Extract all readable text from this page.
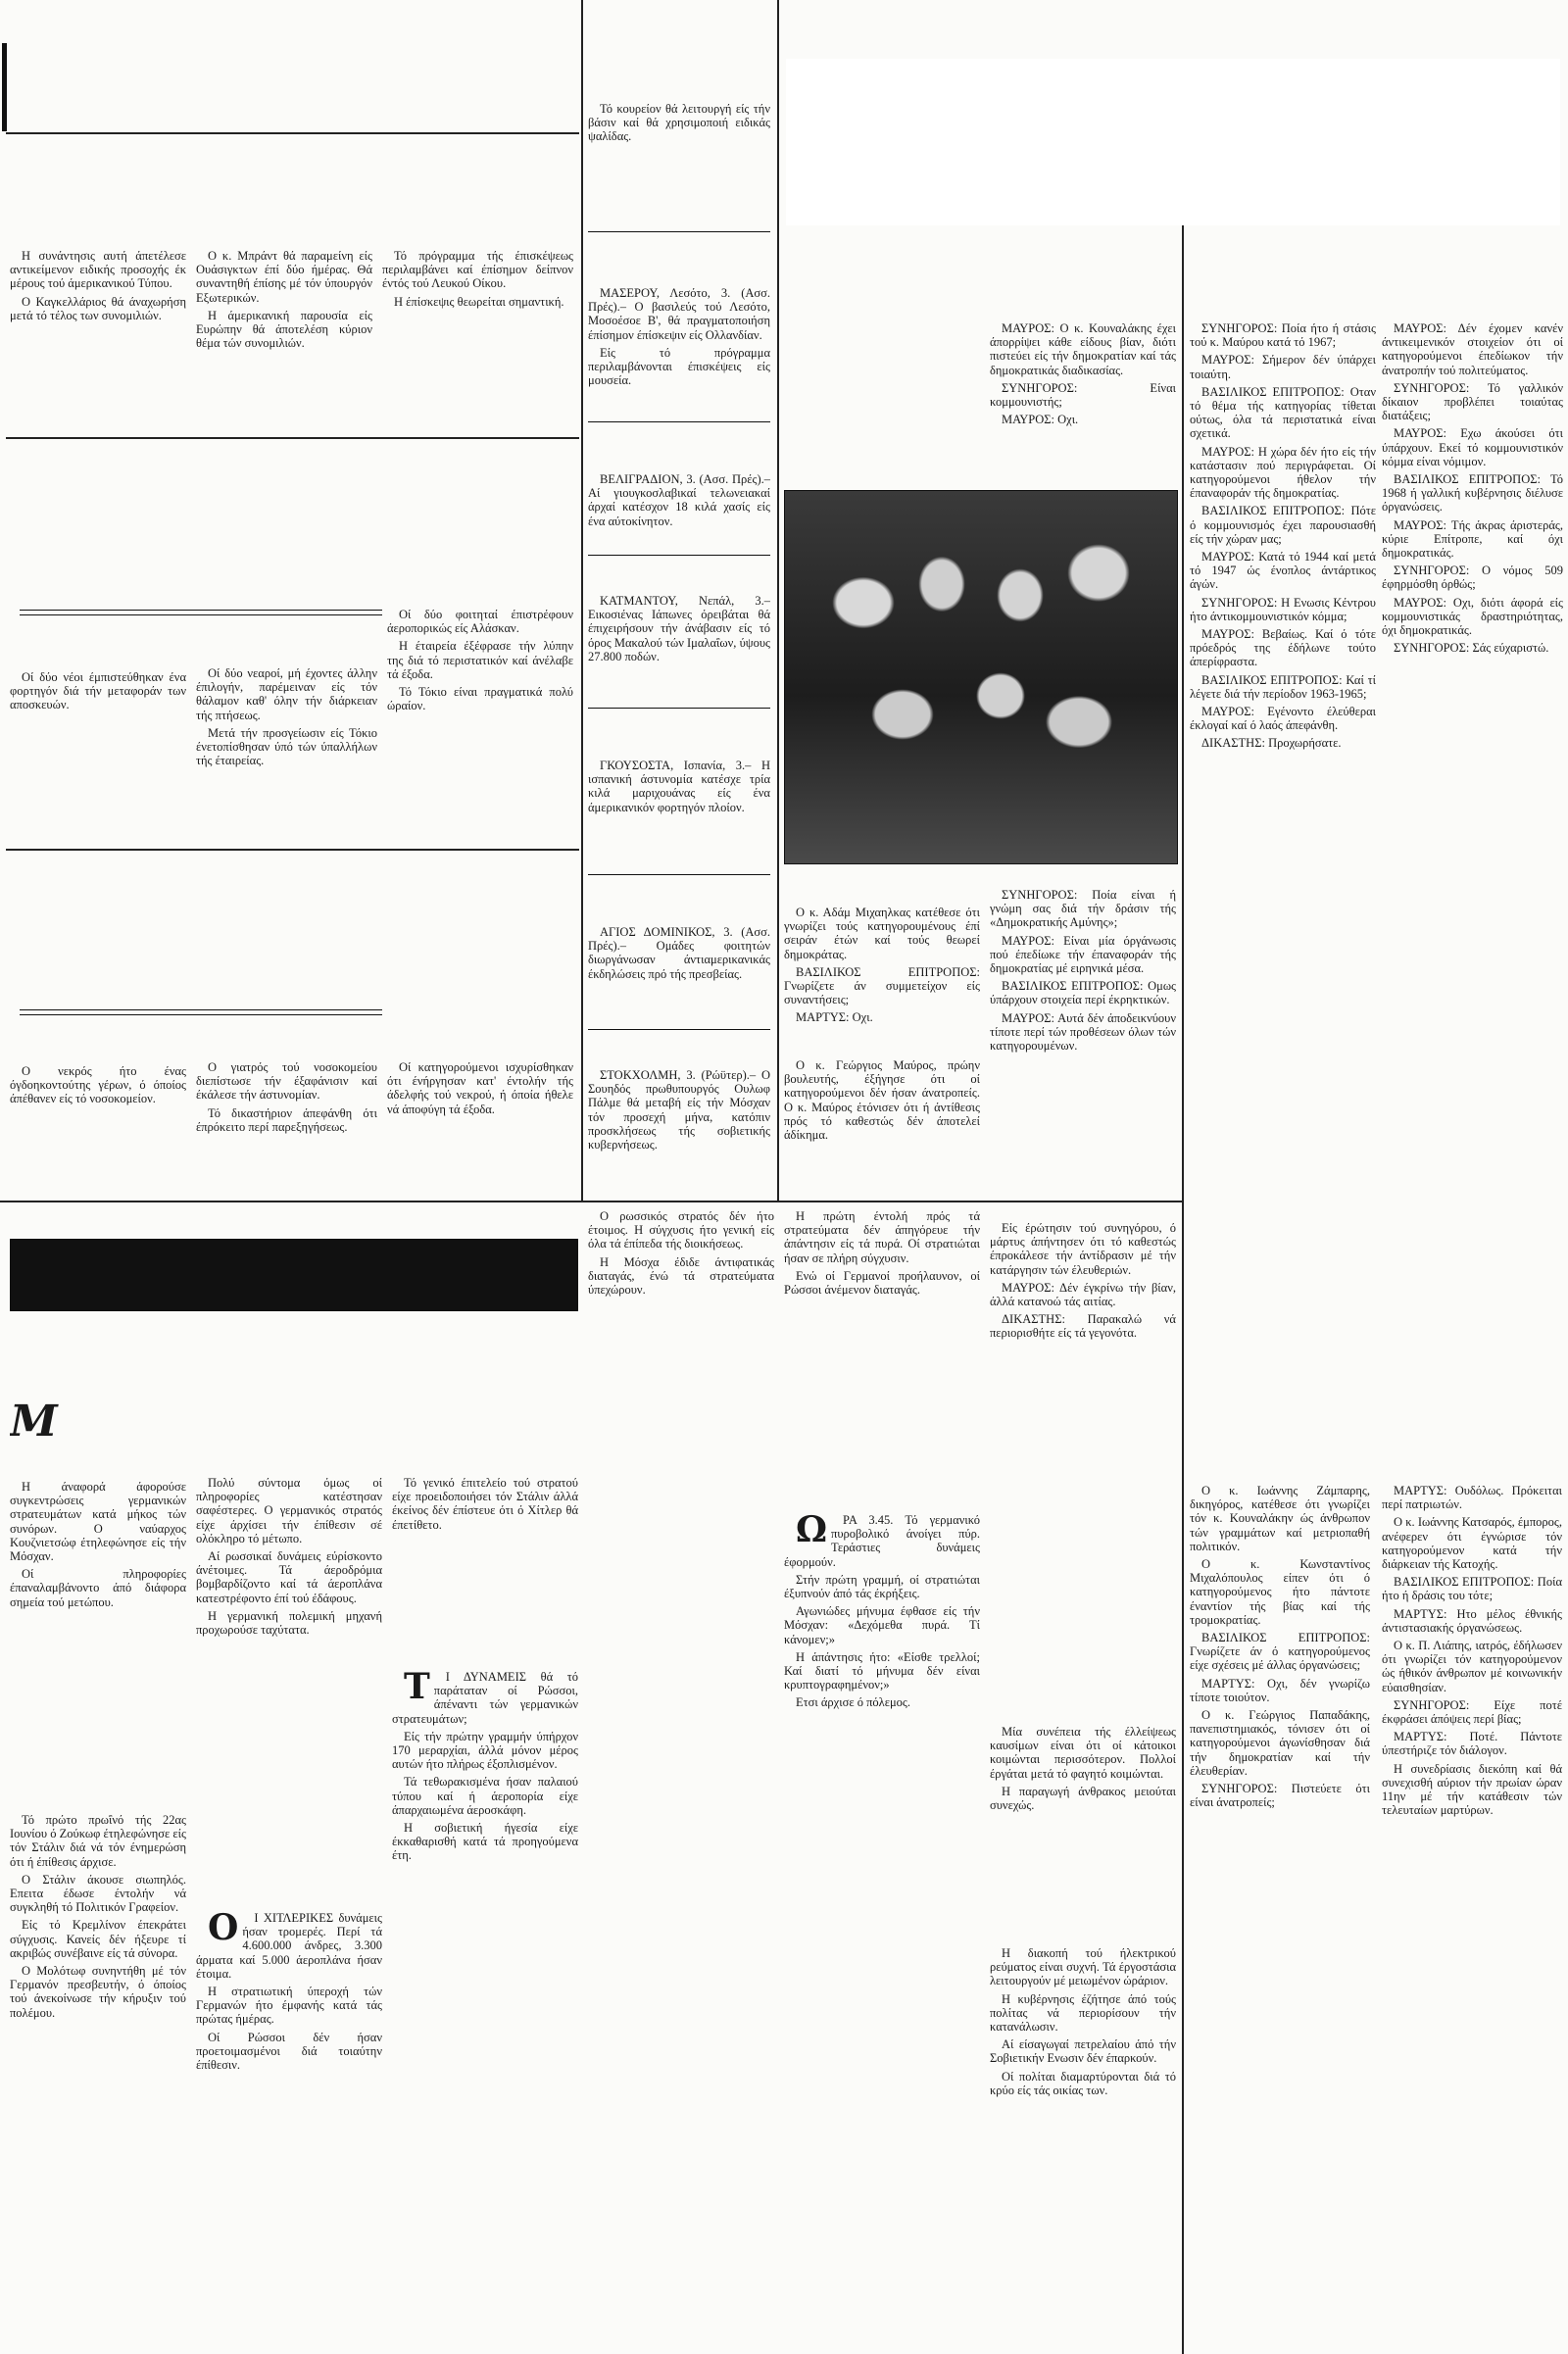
Η συνάντησις αυτή άπετέλεσε αντικείμενον ειδικής προσοχής έκ μέρους τού άμερικανικού Τύπου.

Ο Καγκελλάριος θά άναχωρήση μετά τό τέλος των συνομιλιών.

Ο κ. Μπράντ θά παραμείνη είς Ουάσιγκτων έπί δύο ήμέρας. Θά συναντηθή έπίσης μέ τόν ύπουργόν Εξωτερικών.

Η άμερικανική παρουσία είς Ευρώπην θά άποτελέση κύριον θέμα τών συνομιλιών.

Τό πρόγραμμα τής έπισκέψεως περιλαμβάνει καί έπίσημον δείπνον έντός τού Λευκού Οίκου.

Η έπίσκεψις θεωρείται σημαντική.

Οί δύο νέοι έμπιστεύθηκαν ένα φορτηγόν διά τήν μεταφοράν των αποσκευών.

Οί δύο νεαροί, μή έχοντες άλλην έπιλογήν, παρέμειναν είς τόν θάλαμον καθ' όλην τήν διάρκειαν τής πτήσεως.

Μετά τήν προσγείωσιν είς Τόκιο ένετοπίσθησαν ύπό τών ύπαλλήλων τής έταιρείας.

Οί δύο φοιτηταί έπιστρέφουν άεροπορικώς είς Αλάσκαν.

Η έταιρεία έξέφρασε τήν λύπην της διά τό περιστατικόν καί άνέλαβε τά έξοδα.

Τό Τόκιο είναι πραγματικά πολύ ώραίον.

Ο νεκρός ήτο ένας όγδοηκοντούτης γέρων, ό όποίος άπέθανεν είς τό νοσοκομείον.

Ο γιατρός τού νοσοκομείου διεπίστωσε τήν έξαφάνισιν καί έκάλεσε τήν άστυνομίαν.

Τό δικαστήριον άπεφάνθη ότι έπρόκειτο περί παρεξηγήσεως.

Οί κατηγορούμενοι ισχυρίσθηκαν ότι ένήργησαν κατ' έντολήν τής άδελφής τού νεκρού, ή όποία ήθελε νά άποφύγη τά έξοδα.

Τό κουρείον θά λειτουργή είς τήν βάσιν καί θά χρησιμοποιή ειδικάς ψαλίδας.

ΜΑΣΕΡΟΥ, Λεσότο, 3. (Ασσ. Πρές).– Ο βασιλεύς τού Λεσότο, Μοσοέσοε Β', θά πραγματοποιήση έπίσημον έπίσκεψιν είς Ολλανδίαν.

Είς τό πρόγραμμα περιλαμβάνονται έπισκέψεις είς μουσεία.

ΒΕΛΙΓΡΑΔΙΟΝ, 3. (Ασσ. Πρές).– Αί γιουγκοσλαβικαί τελωνειακαί άρχαί κατέσχον 18 κιλά χασίς είς ένα αύτοκίνητον.

ΚΑΤΜΑΝΤΟΥ, Νεπάλ, 3.– Εικοσιένας Ιάπωνες όρειβάται θά έπιχειρήσουν τήν άνάβασιν είς τό όρος Μακαλού τών Ιμαλαΐων, ύψους 27.800 ποδών.

ΓΚΟΥΣΟΣΤΑ, Ισπανία, 3.– Η ισπανική άστυνομία κατέσχε τρία κιλά μαριχουάνας είς ένα άμερικανικόν φορτηγόν πλοίον.

ΑΓΙΟΣ ΔΟΜΙΝΙΚΟΣ, 3. (Ασσ. Πρές).– Ομάδες φοιτητών διωργάνωσαν άντιαμερικανικάς έκδηλώσεις πρό τής πρεσβείας.

ΣΤΟΚΧΟΛΜΗ, 3. (Ρώϋτερ).– Ο Σουηδός πρωθυπουργός Ουλωφ Πάλμε θά μεταβή είς τήν Μόσχαν τόν προσεχή μήνα, κατόπιν προσκλήσεως τής σοβιετικής κυβερνήσεως.

ΜΑΥΡΟΣ: Ο κ. Κουναλάκης έχει άπορρίψει κάθε είδους βίαν, διότι πιστεύει είς τήν δημοκρατίαν καί τάς δημοκρατικάς διαδικασίας.

ΣΥΝΗΓΟΡΟΣ: Είναι κομμουνιστής;

ΜΑΥΡΟΣ: Οχι.

ΣΥΝΗΓΟΡΟΣ: Ποία ήτο ή στάσις τού κ. Μαύρου κατά τό 1967;

ΜΑΥΡΟΣ: Σήμερον δέν ύπάρχει τοιαύτη.

ΒΑΣΙΛΙΚΟΣ ΕΠΙΤΡΟΠΟΣ: Οταν τό θέμα τής κατηγορίας τίθεται ούτως, όλα τά περιστατικά είναι σχετικά.

ΜΑΥΡΟΣ: Η χώρα δέν ήτο είς τήν κατάστασιν πού περιγράφεται. Οί κατηγορούμενοι ήθελον τήν έπαναφοράν τής δημοκρατίας.

ΒΑΣΙΛΙΚΟΣ ΕΠΙΤΡΟΠΟΣ: Πότε ό κομμουνισμός έχει παρουσιασθή είς τήν χώραν μας;

ΜΑΥΡΟΣ: Κατά τό 1944 καί μετά τό 1947 ώς ένοπλος άντάρτικος άγών.

ΣΥΝΗΓΟΡΟΣ: Η Ενωσις Κέντρου ήτο άντικομμουνιστικόν κόμμα;

ΜΑΥΡΟΣ: Βεβαίως. Καί ό τότε πρόεδρός της έδήλωνε τούτο άπερίφραστα.

ΒΑΣΙΛΙΚΟΣ ΕΠΙΤΡΟΠΟΣ: Καί τί λέγετε διά τήν περίοδον 1963-1965;

ΜΑΥΡΟΣ: Εγένοντο έλεύθεραι έκλογαί καί ό λαός άπεφάνθη.

ΔΙΚΑΣΤΗΣ: Προχωρήσατε.

ΜΑΥΡΟΣ: Δέν έχομεν κανέν άντικειμενικόν στοιχείον ότι οί κατηγορούμενοι έπεδίωκον τήν άνατροπήν τού πολιτεύματος.

ΣΥΝΗΓΟΡΟΣ: Τό γαλλικόν δίκαιον προβλέπει τοιαύτας διατάξεις;

ΜΑΥΡΟΣ: Εχω άκούσει ότι ύπάρχουν. Εκεί τό κομμουνιστικόν κόμμα είναι νόμιμον.

ΒΑΣΙΛΙΚΟΣ ΕΠΙΤΡΟΠΟΣ: Τό 1968 ή γαλλική κυβέρνησις διέλυσε όργανώσεις.

ΜΑΥΡΟΣ: Τής άκρας άριστεράς, κύριε Επίτροπε, καί όχι δημοκρατικάς.

ΣΥΝΗΓΟΡΟΣ: Ο νόμος 509 έφηρμόσθη όρθώς;

ΜΑΥΡΟΣ: Οχι, διότι άφορά είς κομμουνιστικάς δραστηριότητας, όχι δημοκρατικάς.

ΣΥΝΗΓΟΡΟΣ: Σάς εύχαριστώ.

Ο κ. Αδάμ Μιχαηλκας κατέθεσε ότι γνωρίζει τούς κατηγορουμένους έπί σειράν έτών καί τούς θεωρεί δημοκράτας.

ΒΑΣΙΛΙΚΟΣ ΕΠΙΤΡΟΠΟΣ: Γνωρίζετε άν συμμετείχον είς συναντήσεις;

ΜΑΡΤΥΣ: Οχι.

Ο κ. Γεώργιος Μαύρος, πρώην βουλευτής, έξήγησε ότι οί κατηγορούμενοι δέν ήσαν άνατροπείς. Ο κ. Μαύρος έτόνισεν ότι ή άντίθεσις πρός τό καθεστώς δέν άποτελεί άδίκημα.

ΣΥΝΗΓΟΡΟΣ: Ποία είναι ή γνώμη σας διά τήν δράσιν τής «Δημοκρατικής Αμύνης»;

ΜΑΥΡΟΣ: Είναι μία όργάνωσις πού έπεδίωκε τήν έπαναφοράν τής δημοκρατίας μέ ειρηνικά μέσα.

ΒΑΣΙΛΙΚΟΣ ΕΠΙΤΡΟΠΟΣ: Ομως ύπάρχουν στοιχεία περί έκρηκτικών.

ΜΑΥΡΟΣ: Αυτά δέν άποδεικνύουν τίποτε περί τών προθέσεων όλων τών κατηγορουμένων.

Είς έρώτησιν τού συνηγόρου, ό μάρτυς άπήντησεν ότι τό καθεστώς έπροκάλεσε τήν άντίδρασιν μέ τήν κατάργησιν τών έλευθεριών.

ΜΑΥΡΟΣ: Δέν έγκρίνω τήν βίαν, άλλά κατανοώ τάς αιτίας.

ΔΙΚΑΣΤΗΣ: Παρακαλώ νά περιορισθήτε είς τά γεγονότα.

Ο κ. Ιωάννης Ζάμπαρης, δικηγόρος, κατέθεσε ότι γνωρίζει τόν κ. Κουναλάκην ώς άνθρωπον τών γραμμάτων καί μετριοπαθή πολιτικόν.

Ο κ. Κωνσταντίνος Μιχαλόπουλος είπεν ότι ό κατηγορούμενος ήτο πάντοτε έναντίον τής βίας καί τής τρομοκρατίας.

ΒΑΣΙΛΙΚΟΣ ΕΠΙΤΡΟΠΟΣ: Γνωρίζετε άν ό κατηγορούμενος είχε σχέσεις μέ άλλας όργανώσεις;

ΜΑΡΤΥΣ: Οχι, δέν γνωρίζω τίποτε τοιούτον.

Ο κ. Γεώργιος Παπαδάκης, πανεπιστημιακός, τόνισεν ότι οί κατηγορούμενοι άγωνίσθησαν διά τήν δημοκρατίαν καί τήν έλευθερίαν.

ΣΥΝΗΓΟΡΟΣ: Πιστεύετε ότι είναι άνατροπείς;

ΜΑΡΤΥΣ: Ουδόλως. Πρόκειται περί πατριωτών.

Ο κ. Ιωάννης Κατσαρός, έμπορος, ανέφερεν ότι έγνώρισε τόν κατηγορούμενον κατά τήν διάρκειαν τής Κατοχής.

ΒΑΣΙΛΙΚΟΣ ΕΠΙΤΡΟΠΟΣ: Ποία ήτο ή δράσις του τότε;

ΜΑΡΤΥΣ: Ητο μέλος έθνικής άντιστασιακής όργανώσεως.

Ο κ. Π. Λιάπης, ιατρός, έδήλωσεν ότι γνωρίζει τόν κατηγορούμενον ώς ήθικόν άνθρωπον μέ κοινωνικήν εύαισθησίαν.

ΣΥΝΗΓΟΡΟΣ: Είχε ποτέ έκφράσει άπόψεις περί βίας;

ΜΑΡΤΥΣ: Ποτέ. Πάντοτε ύπεστήριζε τόν διάλογον.

Η συνεδρίασις διεκόπη καί θά συνεχισθή αύριον τήν πρωίαν ώραν 11ην μέ τήν κατάθεσιν τών τελευταίων μαρτύρων.

Μ

Η άναφορά άφορούσε συγκεντρώσεις γερμανικών στρατευμάτων κατά μήκος τών συνόρων. Ο ναύαρχος Κουζνιετσώφ έτηλεφώνησε είς τήν Μόσχαν.

Οί πληροφορίες έπαναλαμβάνοντο άπό διάφορα σημεία τού μετώπου.

Τό πρώτο πρωΐνό τής 22ας Ιουνίου ό Ζούκωφ έτηλεφώνησε είς τόν Στάλιν διά νά τόν ένημερώση ότι ή έπίθεσις άρχισε.

Ο Στάλιν άκουσε σιωπηλός. Επειτα έδωσε έντολήν νά συγκληθή τό Πολιτικόν Γραφείον.

Είς τό Κρεμλίνον έπεκράτει σύγχυσις. Κανείς δέν ήξευρε τί ακριβώς συνέβαινε είς τά σύνορα.

Ο Μολότωφ συνηντήθη μέ τόν Γερμανόν πρεσβευτήν, ό όποίος τού άνεκοίνωσε τήν κήρυξιν τού πολέμου.

Πολύ σύντομα όμως οί πληροφορίες κατέστησαν σαφέστερες. Ο γερμανικός στρατός είχε άρχίσει τήν έπίθεσιν σέ ολόκληρο τό μέτωπο.

Αί ρωσσικαί δυνάμεις εύρίσκοντο άνέτοιμες. Τά άεροδρόμια βομβαρδίζοντο καί τά άεροπλάνα κατεστρέφοντο έπί τού έδάφους.

Η γερμανική πολεμική μηχανή προχωρούσε ταχύτατα.

Ο Ι ΧΙΤΛΕΡΙΚΕΣ δυνάμεις ήσαν τρομερές. Περί τά 4.600.000 άνδρες, 3.300 άρματα καί 5.000 άεροπλάνα ήσαν έτοιμα.

Η στρατιωτική ύπεροχή τών Γερμανών ήτο έμφανής κατά τάς πρώτας ήμέρας.

Οί Ρώσσοι δέν ήσαν προετοιμασμένοι διά τοιαύτην έπίθεσιν.

Τό γενικό έπιτελείο τού στρατού είχε προειδοποιήσει τόν Στάλιν άλλά έκείνος δέν έπίστευε ότι ό Χίτλερ θά έπετίθετο.

Τ Ι ΔΥΝΑΜΕΙΣ θά τό παράταταν οί Ρώσσοι, άπέναντι τών γερμανικών στρατευμάτων;

Είς τήν πρώτην γραμμήν ύπήρχον 170 μεραρχίαι, άλλά μόνον μέρος αυτών ήτο πλήρως έξοπλισμένον.

Τά τεθωρακισμένα ήσαν παλαιού τύπου καί ή άεροπορία είχε άπαρχαιωμένα άεροσκάφη.

Η σοβιετική ήγεσία είχε έκκαθαρισθή κατά τά προηγούμενα έτη.

Ο ρωσσικός στρατός δέν ήτο έτοιμος. Η σύγχυσις ήτο γενική είς όλα τά έπίπεδα τής διοικήσεως.

Η Μόσχα έδιδε άντιφατικάς διαταγάς, ένώ τά στρατεύματα ύπεχώρουν.

Η πρώτη έντολή πρός τά στρατεύματα δέν άπηγόρευε τήν άπάντησιν είς τά πυρά. Οί στρατιώται ήσαν σε πλήρη σύγχυσιν.

Ενώ οί Γερμανοί προήλαυνον, οί Ρώσσοι άνέμενον διαταγάς.

Ω ΡΑ 3.45. Τό γερμανικό πυροβολικό άνοίγει πύρ. Τεράστιες δυνάμεις έφορμούν.

Στήν πρώτη γραμμή, οί στρατιώται έξυπνούν άπό τάς έκρήξεις.

Αγωνιώδες μήνυμα έφθασε είς τήν Μόσχαν: «Δεχόμεθα πυρά. Τί κάνομεν;»

Η άπάντησις ήτο: «Είσθε τρελλοί; Καί διατί τό μήνυμα δέν είναι κρυπτογραφημένον;»

Ετσι άρχισε ό πόλεμος.

Μία συνέπεια τής έλλείψεως καυσίμων είναι ότι οί κάτοικοι κοιμώνται περισσότερον. Πολλοί έργάται μετά τό φαγητό κοιμώνται.

Η παραγωγή άνθρακος μειούται συνεχώς.

Η διακοπή τού ήλεκτρικού ρεύματος είναι συχνή. Τά έργοστάσια λειτουργούν μέ μειωμένον ώράριον.

Η κυβέρνησις έζήτησε άπό τούς πολίτας νά περιορίσουν τήν κατανάλωσιν.

Αί είσαγωγαί πετρελαίου άπό τήν Σοβιετικήν Ενωσιν δέν έπαρκούν.

Οί πολίται διαμαρτύρονται διά τό κρύο είς τάς οικίας των.
